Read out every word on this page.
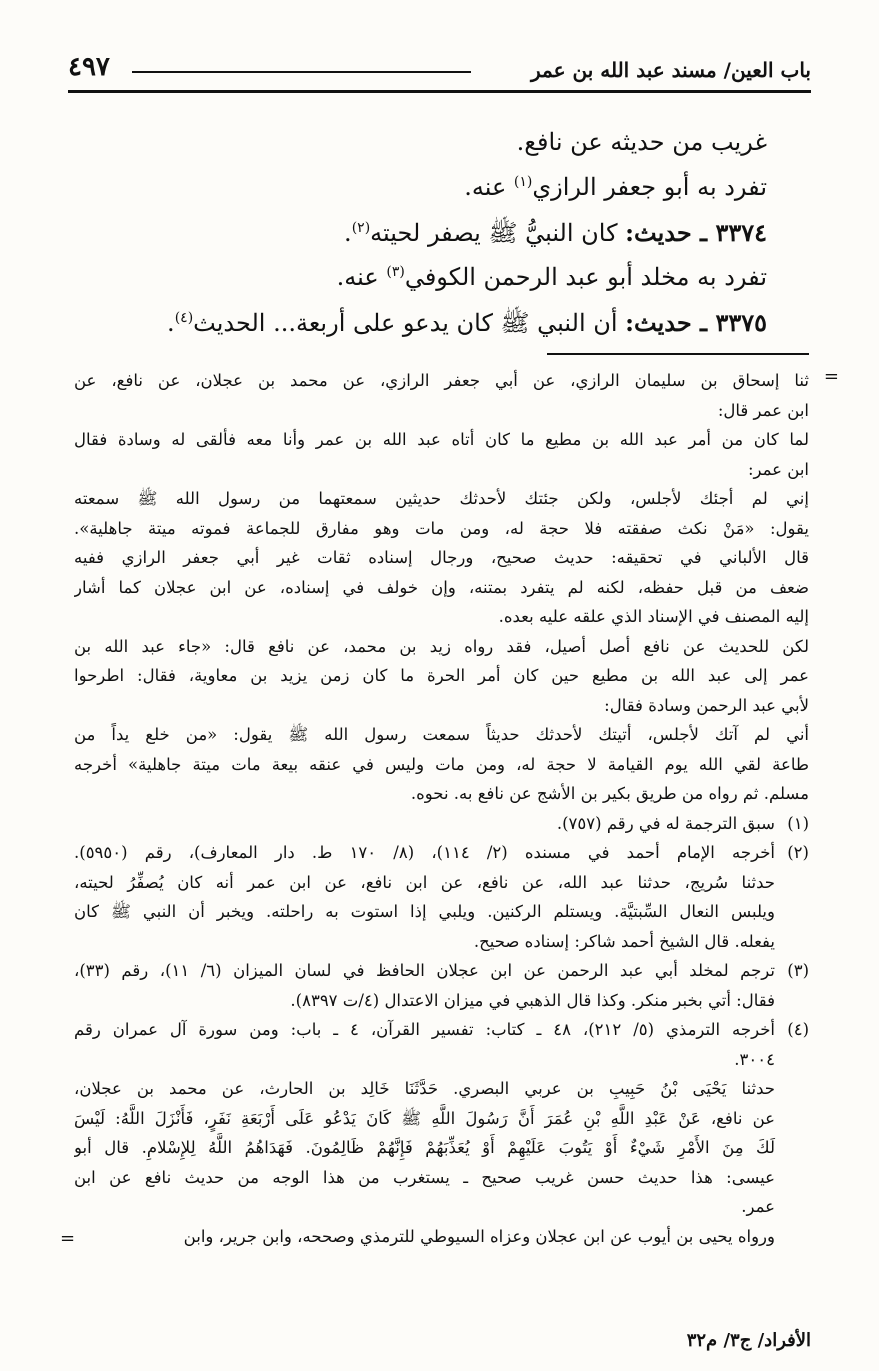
باب العين/ مسند عبد الله بن عمر
٤٩٧
غريب من حديثه عن نافع.
تفرد به أبو جعفر الرازي$^{(١)}$ عنه.
٣٣٧٤ ـ حديث: كان النبيُّ ﷺ يصفر لحيته$^{(٢)}$.
تفرد به مخلد أبو عبد الرحمن الكوفي$^{(٣)}$ عنه.
٣٣٧٥ ـ حديث: أن النبي ﷺ كان يدعو على أربعة... الحديث$^{(٤)}$.
ثنا إسحاق بن سليمان الرازي، عن أبي جعفر الرازي، عن محمد بن عجلان، عن نافع، عن
ابن عمر قال:
لما كان من أمر عبد الله بن مطيع ما كان أتاه عبد الله بن عمر وأنا معه فألقى له وسادة فقال
ابن عمر:
إني لم أجئك لأجلس، ولكن جئتك لأحدثك حديثين سمعتهما من رسول الله ﷺ سمعته
يقول: «مَنْ نكث صفقته فلا حجة له، ومن مات وهو مفارق للجماعة فموته ميتة جاهلية».
قال الألباني في تحقيقه: حديث صحيح، ورجال إسناده ثقات غير أبي جعفر الرازي ففيه
ضعف من قبل حفظه، لكنه لم يتفرد بمتنه، وإن خولف في إسناده، عن ابن عجلان كما أشار
إليه المصنف في الإسناد الذي علقه عليه بعده.
لكن للحديث عن نافع أصل أصيل، فقد رواه زيد بن محمد، عن نافع قال: «جاء عبد الله بن
عمر إلى عبد الله بن مطيع حين كان أمر الحرة ما كان زمن يزيد بن معاوية، فقال: اطرحوا
لأبي عبد الرحمن وسادة فقال:
أني لم آتك لأجلس، أتيتك لأحدثك حديثاً سمعت رسول الله ﷺ يقول: «من خلع يداً من
طاعة لقي الله يوم القيامة لا حجة له، ومن مات وليس في عنقه بيعة مات ميتة جاهلية» أخرجه
مسلم. ثم رواه من طريق بكير بن الأشج عن نافع به. نحوه.
=
(١)سبق الترجمة له في رقم (٧٥٧).
(٢)أخرجه الإمام أحمد في مسنده (٢/ ١١٤)، (٨/ ١٧٠ ط. دار المعارف)، رقم (٥٩٥٠).
حدثنا سُريج، حدثنا عبد الله، عن نافع، عن ابن نافع، عن ابن عمر أنه كان يُصفِّرُ لحيته،
ويلبس النعال السِّبتيَّة. ويستلم الركنين. ويلبي إذا استوت به راحلته. ويخبر أن النبي ﷺ كان
يفعله. قال الشيخ أحمد شاكر: إسناده صحيح.
(٣)ترجم لمخلد أبي عبد الرحمن عن ابن عجلان الحافظ في لسان الميزان (٦/ ١١)، رقم (٣٣)،
فقال: أتي بخبر منكر. وكذا قال الذهبي في ميزان الاعتدال (٤/ت ٨٣٩٧).
(٤)أخرجه الترمذي (٥/ ٢١٢)، ٤٨ ـ كتاب: تفسير القرآن، ٤ ـ باب: ومن سورة آل عمران رقم
٣٠٠٤.
حدثنا يَحْيَى بْنُ حَبِيبِ بن عربي البصري. حَدَّثَنَا خَالِد بن الحارث، عن محمد بن عجلان،
عن نافع، عَنْ عَبْدِ اللَّهِ بْنِ عُمَرَ أَنَّ رَسُولَ اللَّهِ ﷺ كَانَ يَدْعُو عَلَى أَرْبَعَةِ نَفَرٍ، فَأَنْزَلَ اللَّهُ: لَيْسَ
لَكَ مِنَ الأَمْرِ شَيْءٌ أَوْ يَتُوبَ عَلَيْهِمْ أَوْ يُعَذِّبَهُمْ فَإِنَّهُمْ ظَالِمُونَ. فَهَدَاهُمُ اللَّهُ لِلإِسْلامِ. قال أبو
عيسى: هذا حديث حسن غريب صحيح ـ يستغرب من هذا الوجه من حديث نافع عن ابن
عمر.
ورواه يحيى بن أيوب عن ابن عجلان وعزاه السيوطي للترمذي وصححه، وابن جرير، وابن
=
الأفراد/ ج٣/ م٣٢
